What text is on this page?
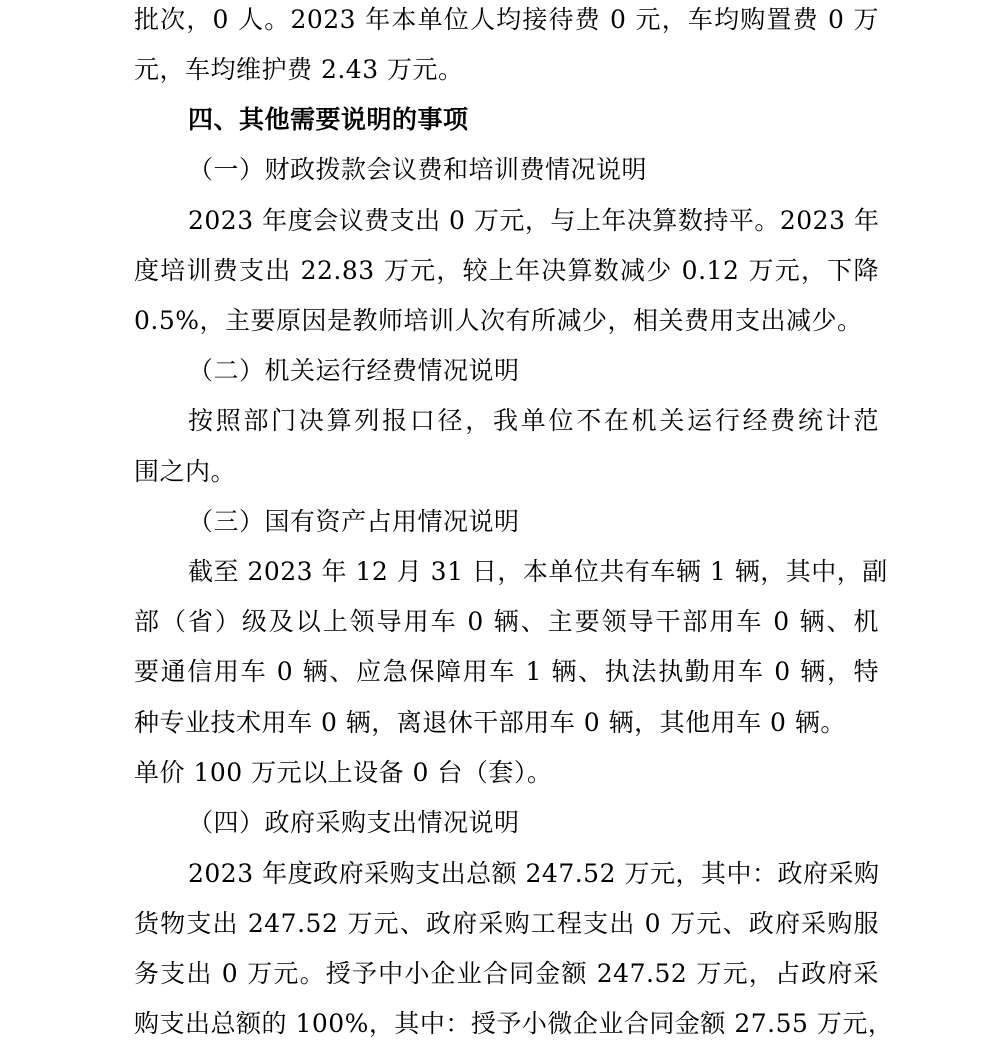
批次，0 人。2023 年本单位人均接待费 0 元，车均购置费 0 万
元，车均维护费 2.43 万元。
四、其他需要说明的事项
（一）财政拨款会议费和培训费情况说明
2023 年度会议费支出 0 万元，与上年决算数持平。2023 年
度培训费支出 22.83 万元，较上年决算数减少 0.12 万元，下降
0.5%，主要原因是教师培训人次有所减少，相关费用支出减少。
（二）机关运行经费情况说明
按照部门决算列报口径，我单位不在机关运行经费统计范
围之内。
（三）国有资产占用情况说明
截至 2023 年 12 月 31 日，本单位共有车辆 1 辆，其中，副
部（省）级及以上领导用车 0 辆、主要领导干部用车 0 辆、机
要通信用车 0 辆、应急保障用车 1 辆、执法执勤用车 0 辆，特
种专业技术用车 0 辆，离退休干部用车 0 辆，其他用车 0 辆。
单价 100 万元以上设备 0 台（套）。
（四）政府采购支出情况说明
2023 年度政府采购支出总额 247.52 万元，其中：政府采购
货物支出 247.52 万元、政府采购工程支出 0 万元、政府采购服
务支出 0 万元。授予中小企业合同金额 247.52 万元，占政府采
购支出总额的 100%，其中：授予小微企业合同金额 27.55 万元，
